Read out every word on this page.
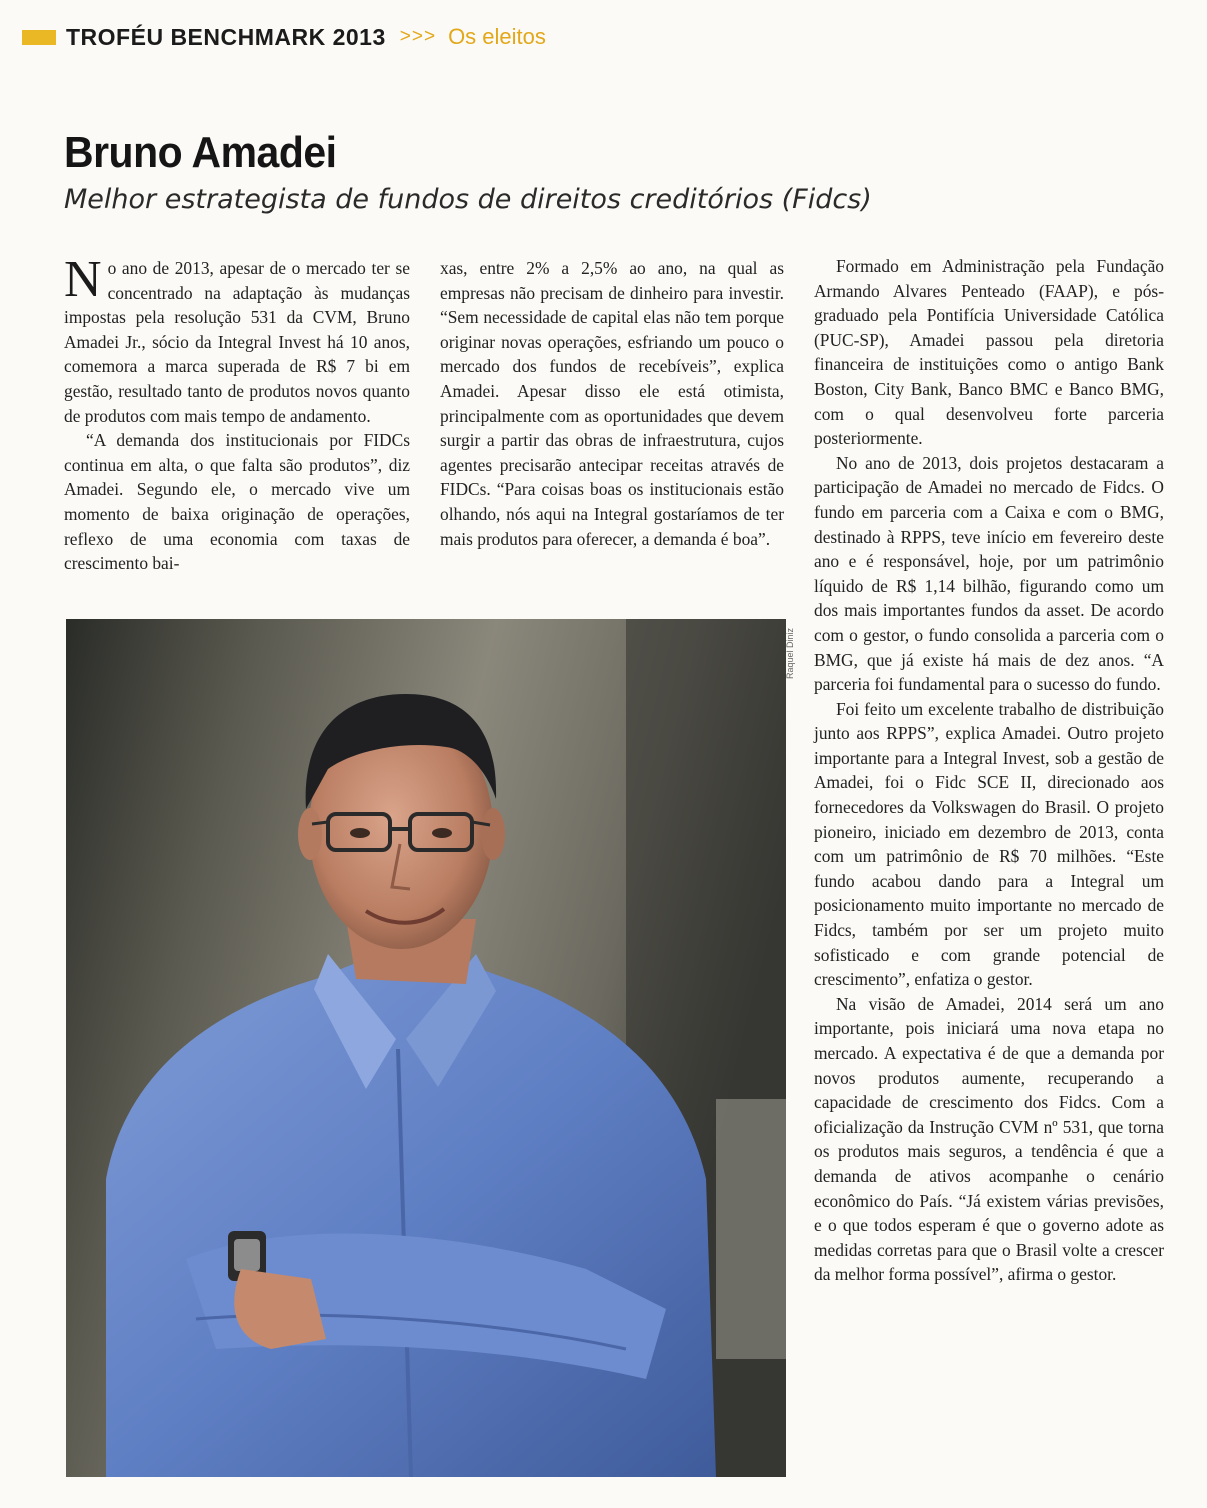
TROFÉU BENCHMARK 2013 >>> Os eleitos
Bruno Amadei
Melhor estrategista de fundos de direitos creditórios (Fidcs)

No ano de 2013, apesar de o mercado ter se concentrado na adaptação às mudanças impostas pela resolução 531 da CVM, Bruno Amadei Jr., sócio da Integral Invest há 10 anos, comemora a marca superada de R$ 7 bi em gestão, resultado tanto de produtos novos quanto de produtos com mais tempo de andamento.

“A demanda dos institucionais por FIDCs continua em alta, o que falta são produtos”, diz Amadei. Segundo ele, o mercado vive um momento de baixa originação de operações, reflexo de uma economia com taxas de crescimento bai-

xas, entre 2% a 2,5% ao ano, na qual as empresas não precisam de dinheiro para investir. “Sem necessidade de capital elas não tem porque originar novas operações, esfriando um pouco o mercado dos fundos de recebíveis”, explica Amadei. Apesar disso ele está otimista, principalmente com as oportunidades que devem surgir a partir das obras de infraestrutura, cujos agentes precisarão antecipar receitas através de FIDCs. “Para coisas boas os institucionais estão olhando, nós aqui na Integral gostaríamos de ter mais produtos para oferecer, a demanda é boa”.

Formado em Administração pela Fundação Armando Alvares Penteado (FAAP), e pós-graduado pela Pontifícia Universidade Católica (PUC-SP), Amadei passou pela diretoria financeira de instituições como o antigo Bank Boston, City Bank, Banco BMC e Banco BMG, com o qual desenvolveu forte parceria posteriormente.

No ano de 2013, dois projetos destacaram a participação de Amadei no mercado de Fidcs. O fundo em parceria com a Caixa e com o BMG, destinado à RPPS, teve início em fevereiro deste ano e é responsável, hoje, por um patrimônio líquido de R$ 1,14 bilhão, figurando como um dos mais importantes fundos da asset. De acordo com o gestor, o fundo consolida a parceria com o BMG, que já existe há mais de dez anos. “A parceria foi fundamental para o sucesso do fundo.

Foi feito um excelente trabalho de distribuição junto aos RPPS”, explica Amadei. Outro projeto importante para a Integral Invest, sob a gestão de Amadei, foi o Fidc SCE II, direcionado aos fornecedores da Volkswagen do Brasil. O projeto pioneiro, iniciado em dezembro de 2013, conta com um patrimônio de R$ 70 milhões. “Este fundo acabou dando para a Integral um posicionamento muito importante no mercado de Fidcs, também por ser um projeto muito sofisticado e com grande potencial de crescimento”, enfatiza o gestor.

Na visão de Amadei, 2014 será um ano importante, pois iniciará uma nova etapa no mercado. A expectativa é de que a demanda por novos produtos aumente, recuperando a capacidade de crescimento dos Fidcs. Com a oficialização da Instrução CVM nº 531, que torna os produtos mais seguros, a tendência é que a demanda de ativos acompanhe o cenário econômico do País. “Já existem várias previsões, e o que todos esperam é que o governo adote as medidas corretas para que o Brasil volte a crescer da melhor forma possível”, afirma o gestor.

Raquel Diniz
